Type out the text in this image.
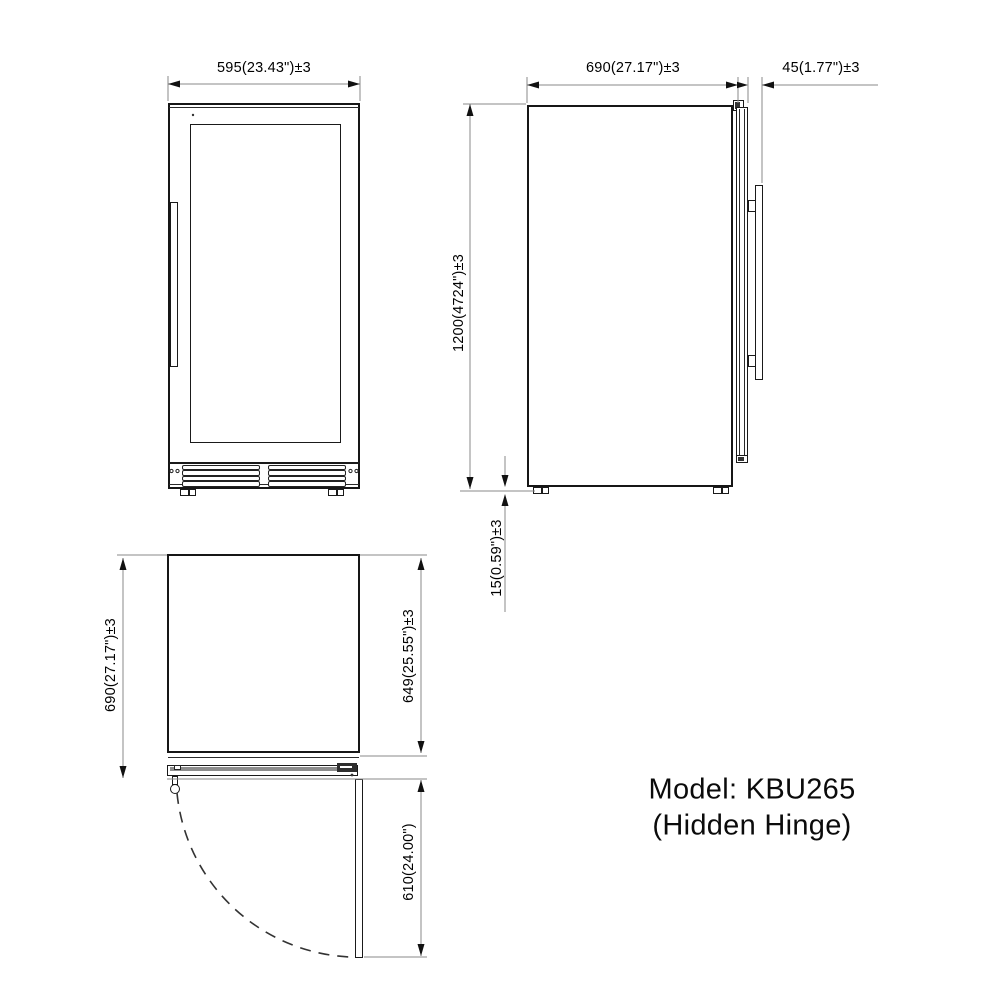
595(23.43")±3	690(27.17")±3	45(1.77")±3
1200(4724")±3
15(0.59")±3
690(27.17")±3	649(25.55")±3
610(24.00")
Model: KBU265
(Hidden Hinge)
